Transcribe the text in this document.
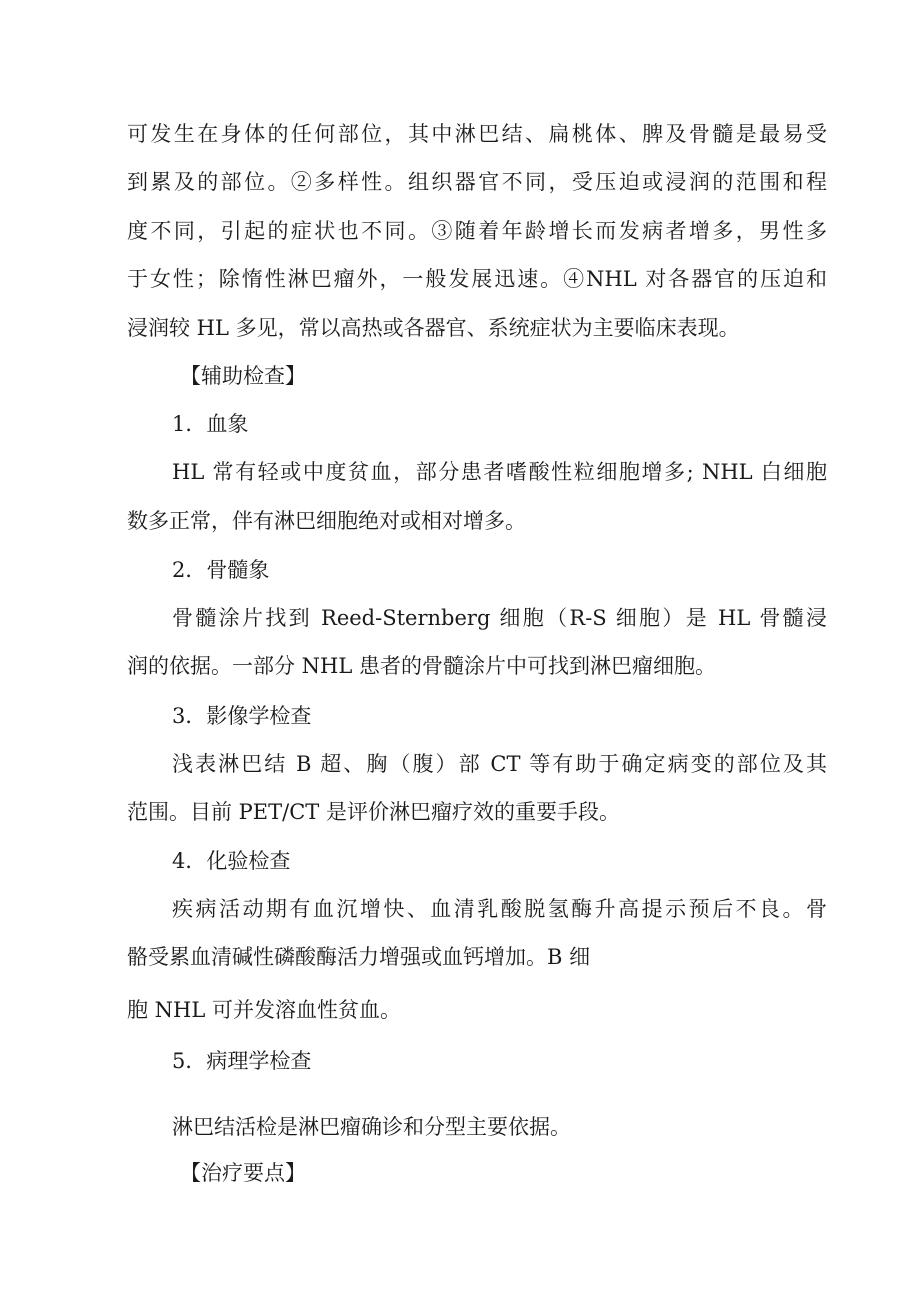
可发生在身体的任何部位，其中淋巴结、扁桃体、脾及骨髓是最易受
到累及的部位。②多样性。组织器官不同，受压迫或浸润的范围和程
度不同，引起的症状也不同。③随着年龄增长而发病者增多，男性多
于女性；除惰性淋巴瘤外，一般发展迅速。④NHL 对各器官的压迫和
浸润较 HL 多见，常以高热或各器官、系统症状为主要临床表现。
【辅助检查】
1．血象
HL 常有轻或中度贫血，部分患者嗜酸性粒细胞增多; NHL 白细胞
数多正常，伴有淋巴细胞绝对或相对增多。
2．骨髓象
骨髓涂片找到 Reed-Sternberg 细胞（R-S 细胞）是 HL 骨髓浸
润的依据。一部分 NHL 患者的骨髓涂片中可找到淋巴瘤细胞。
3．影像学检查
浅表淋巴结 B 超、胸（腹）部 CT 等有助于确定病变的部位及其
范围。目前 PET/CT 是评价淋巴瘤疗效的重要手段。
4．化验检查
疾病活动期有血沉增快、血清乳酸脱氢酶升高提示预后不良。骨
骼受累血清碱性磷酸酶活力增强或血钙增加。B 细
胞 NHL 可并发溶血性贫血。
5．病理学检查
淋巴结活检是淋巴瘤确诊和分型主要依据。
【治疗要点】
